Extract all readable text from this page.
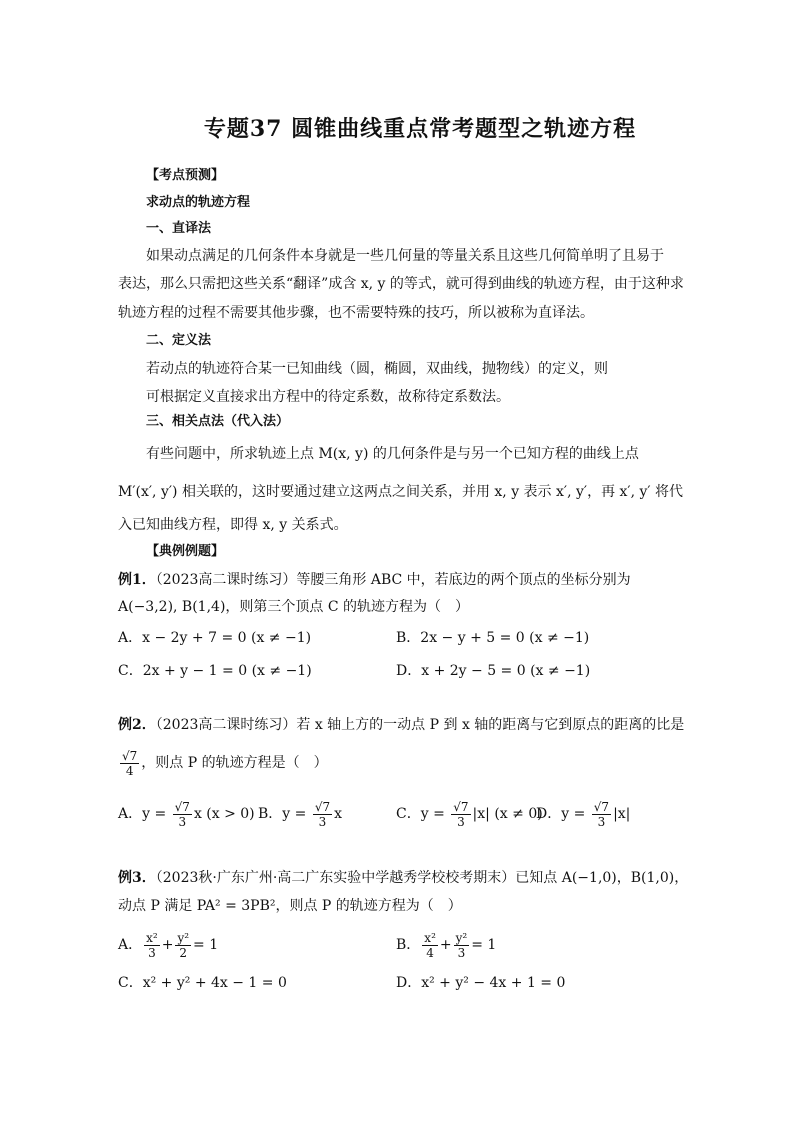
专题37 圆锥曲线重点常考题型之轨迹方程
【考点预测】
求动点的轨迹方程
一、直译法
如果动点满足的几何条件本身就是一些几何量的等量关系且这些几何简单明了且易于
表达，那么只需把这些关系“翻译”成含 x, y 的等式，就可得到曲线的轨迹方程，由于这种求
轨迹方程的过程不需要其他步骤，也不需要特殊的技巧，所以被称为直译法。
二、定义法
若动点的轨迹符合某一已知曲线（圆，椭圆，双曲线，抛物线）的定义，则
可根据定义直接求出方程中的待定系数，故称待定系数法。
三、相关点法（代入法）
有些问题中，所求轨迹上点 M(x, y) 的几何条件是与另一个已知方程的曲线上点
M′(x′, y′) 相关联的，这时要通过建立这两点之间关系，并用 x, y 表示 x′, y′，再 x′, y′ 将代
入已知曲线方程，即得 x, y 关系式。
【典例例题】
例1．（2023高二课时练习）等腰三角形 ABC 中，若底边的两个顶点的坐标分别为
A(−3,2), B(1,4)，则第三个顶点 C 的轨迹方程为（　）
A．x − 2y + 7 = 0 (x ≠ −1)	B．2x − y + 5 = 0 (x ≠ −1)
C．2x + y − 1 = 0 (x ≠ −1)	D．x + 2y − 5 = 0 (x ≠ −1)
例2．（2023高二课时练习）若 x 轴上方的一动点 P 到 x 轴的距离与它到原点的距离的比是
$\frac{√7}{4}$ ，则点 P 的轨迹方程是（　）
A．$y = \frac{√7}{3}$ x (x > 0) B．$y = \frac{√7}{3}$ x	C．$y = \frac{√7}{3} |x|$ (x ≠ 0)
D．$y = \frac{√7}{3} |x|$
例3．（2023秋·广东广州·高二广东实验中学越秀学校校考期末）已知点 A(−1,0)，B(1,0)，
动点 P 满足 PA² = 3PB²，则点 P 的轨迹方程为（　）
A． $\frac{\text{x²}}{3} + \frac{\text{y²}}{2} = 1$	B． $\frac{\text{x²}}{4} + \frac{\text{y²}}{3} = 1$
C．x² + y² + 4x − 1 = 0	D．x² + y² − 4x + 1 = 0
